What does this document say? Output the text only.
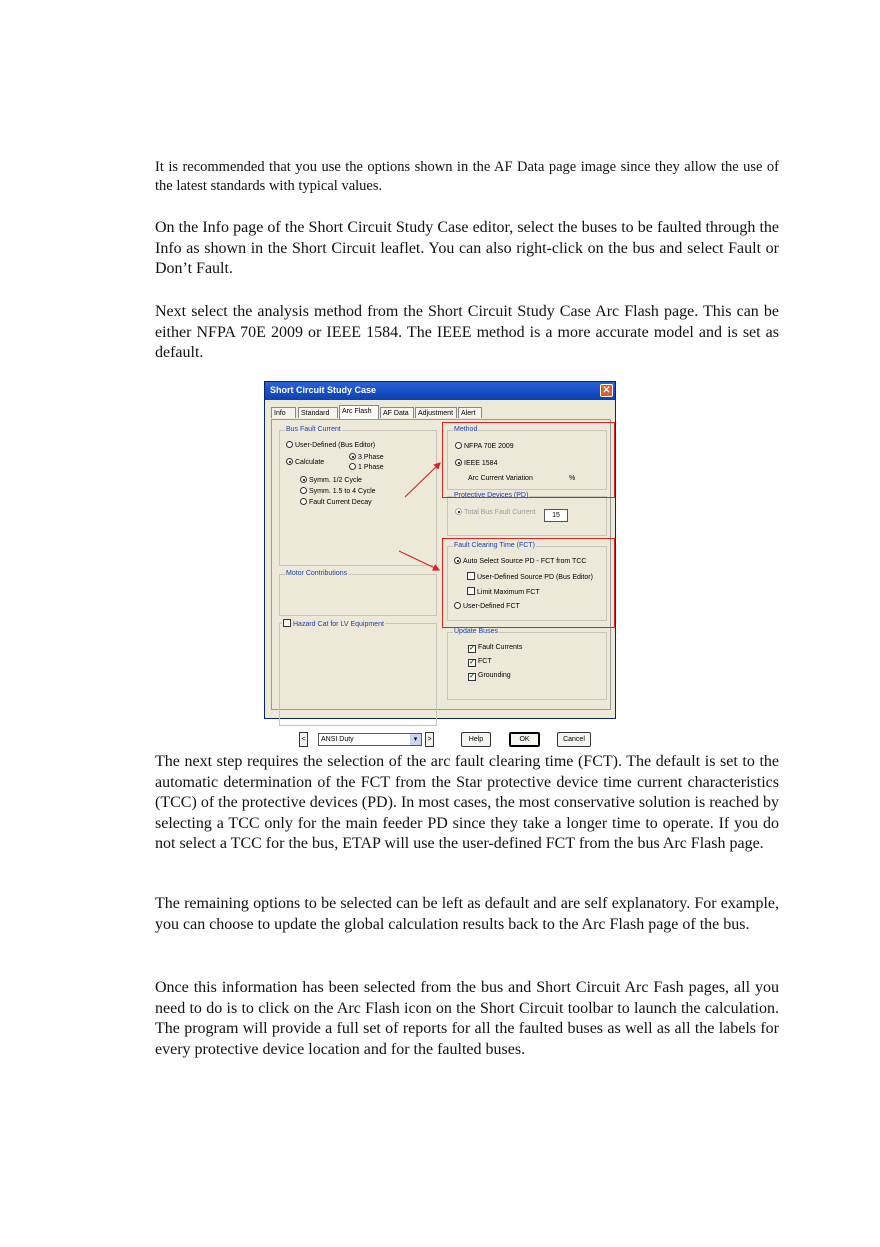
It is recommended that you use the options shown in the AF Data page image since they allow the use of the latest standards with typical values.

On the Info page of the Short Circuit Study Case editor, select the buses to be faulted through the Info as shown in the Short Circuit leaflet. You can also right-click on the bus and select Fault or Don’t Fault.

Next select the analysis method from the Short Circuit Study Case Arc Flash page. This can be either NFPA 70E 2009 or IEEE 1584. The IEEE method is a more accurate model and is set as default.

Short Circuit Study Case	✕
Info	Standard	Arc Flash	AF Data	Adjustment	Alert
Bus Fault Current
User-Defined (Bus Editor)
Calculate
3 Phase
1 Phase
Symm. 1/2 Cycle
Symm. 1.5 to 4 Cycle
Fault Current Decay
Motor Contributions
Hazard Cat for LV Equipment
Method
NFPA 70E 2009
IEEE 1584
Arc Current Variation	%
15
Protective Devices (PD)
Total Bus Fault Current
Fault Clearing Time (FCT)
Auto Select Source PD - FCT from TCC
User-Defined Source PD (Bus Editor)
Limit Maximum FCT
User-Defined FCT
Update Buses
✓ Fault Currents
✓ FCT
✓ Grounding
<	ANSI Duty	▾	>	Help	OK	Cancel

The next step requires the selection of the arc fault clearing time (FCT). The default is set to the automatic determination of the FCT from the Star protective device time current characteristics (TCC) of the protective devices (PD). In most cases, the most conservative solution is reached by selecting a TCC only for the main feeder PD since they take a longer time to operate. If you do not select a TCC for the bus, ETAP will use the user-defined FCT from the bus Arc Flash page.

The remaining options to be selected can be left as default and are self explanatory. For example, you can choose to update the global calculation results back to the Arc Flash page of the bus.

Once this information has been selected from the bus and Short Circuit Arc Fash pages, all you need to do is to click on the Arc Flash icon on the Short Circuit toolbar to launch the calculation. The program will provide a full set of reports for all the faulted buses as well as all the labels for every protective device location and for the faulted buses.
